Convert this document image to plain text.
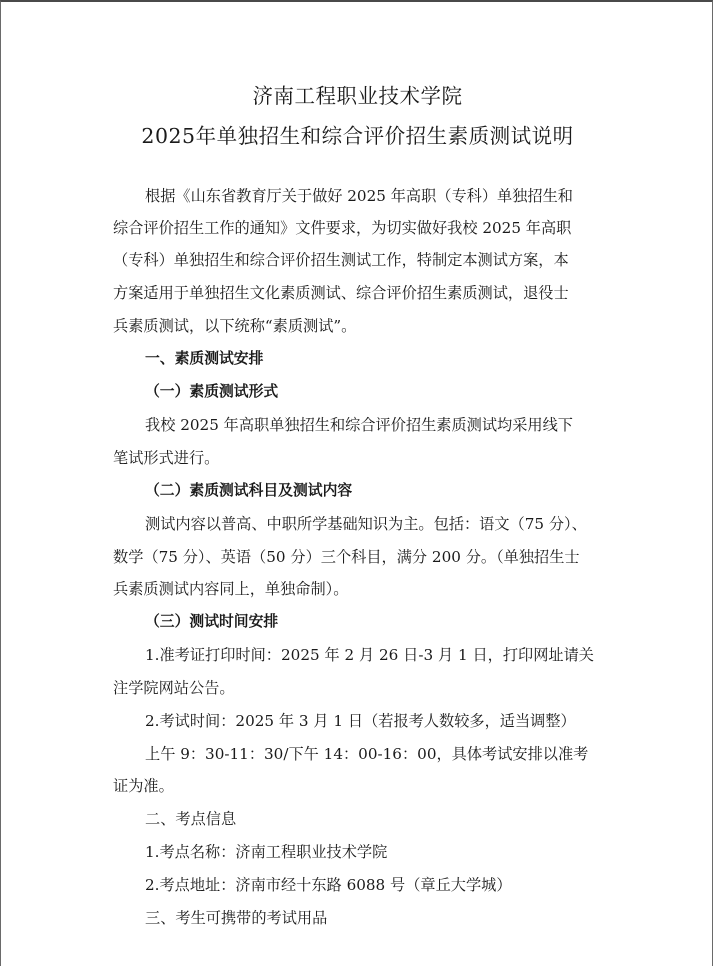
济南工程职业技术学院
2025年单独招生和综合评价招生素质测试说明
根据《山东省教育厅关于做好 2025 年高职（专科）单独招生和
综合评价招生工作的通知》文件要求，为切实做好我校 2025 年高职
（专科）单独招生和综合评价招生测试工作，特制定本测试方案，本
方案适用于单独招生文化素质测试、综合评价招生素质测试，退役士
兵素质测试，以下统称“素质测试”。
一、素质测试安排
（一）素质测试形式
我校 2025 年高职单独招生和综合评价招生素质测试均采用线下
笔试形式进行。
（二）素质测试科目及测试内容
测试内容以普高、中职所学基础知识为主。包括：语文（75 分）、
数学（75 分）、英语（50 分）三个科目，满分 200 分。（单独招生士
兵素质测试内容同上，单独命制）。
（三）测试时间安排
1.准考证打印时间：2025 年 2 月 26 日-3 月 1 日，打印网址请关
注学院网站公告。
2.考试时间：2025 年 3 月 1 日（若报考人数较多，适当调整）
上午 9：30-11：30/下午 14：00-16：00，具体考试安排以准考
证为准。
二、考点信息
1.考点名称：济南工程职业技术学院
2.考点地址：济南市经十东路 6088 号（章丘大学城）
三、考生可携带的考试用品
